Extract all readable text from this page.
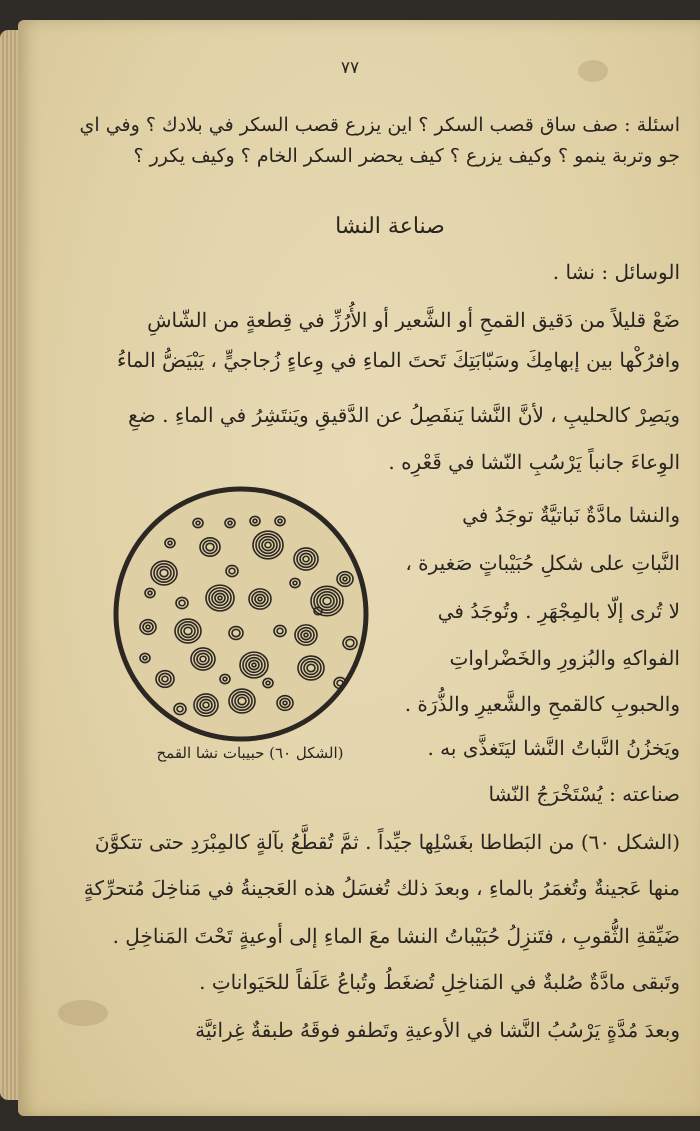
٧٧
اسئلة : صف ساق قصب السكر ؟ اين يزرع قصب السكر في بلادك ؟ وفي اي
جو وتربة ينمو ؟ وكيف يزرع ؟ كيف يحضر السكر الخام ؟ وكيف يكرر ؟
صناعة النشا
الوسائل : نشا .
ضَعْ قليلاً من دَقيق القمحِ أو الشَّعير أو الأُرُزِّ في قِطعةٍ من الشّاشِ
وافرُكْها بين إبهامِكَ وسَبّابَتِكَ تَحتَ الماءِ في وِعاءٍ زُجاجيٍّ ، يَبْيَضُّ الماءُ
ويَصِرْ كالحليبِ ، لأنَّ النَّشا يَنفَصِلُ عن الدَّقيقِ ويَنتَشِرُ في الماءِ . ضعِ
الوِعاءَ جانباً يَرْسُبِ النّشا في قَعْرِه .
والنشا مادَّةٌ نَباتيَّةٌ توجَدُ في
النَّباتِ على شكلِ حُبَيْباتٍ صَغيرة ،
لا تُرى إلّا بالمِجْهَرِ . وتُوجَدُ في
الفواكهِ والبُزورِ والخَضْراواتِ
والحبوبِ كالقمحِ والشَّعيرِ والذُّرَة .
ويَخزُنُ النَّباتُ النَّشا ليَتَغذَّى به .
صناعته : يُسْتَخْرَجُ النّشا
(الشكل ٦٠) حبيبات نشا القمح
(الشكل ٦٠) من البَطاطا بغَسْلِها جيِّداً . ثمَّ تُقطَّعُ بآلةٍ كالمِبْرَدِ حتى تتكوَّنَ
منها عَجينةٌ وتُغمَرُ بالماءِ ، وبعدَ ذلك تُغسَلُ هذه العَجينةُ في مَناخِلَ مُتحرِّكةٍ
ضَيِّقةِ الثُّقوبِ ، فتَنزِلُ حُبَيْباتُ النشا معَ الماءِ إلى أوعيةٍ تَحْتَ المَناخِلِ .
وتَبقى مادَّةٌ صُلبةٌ في المَناخِلِ تُضغَطُ وتُباعُ عَلَفاً للحَيَواناتِ .
وبعدَ مُدَّةٍ يَرْسُبُ النَّشا في الأوعيةِ وتَطفو فوقَهُ طبقةٌ غِرائيَّة
